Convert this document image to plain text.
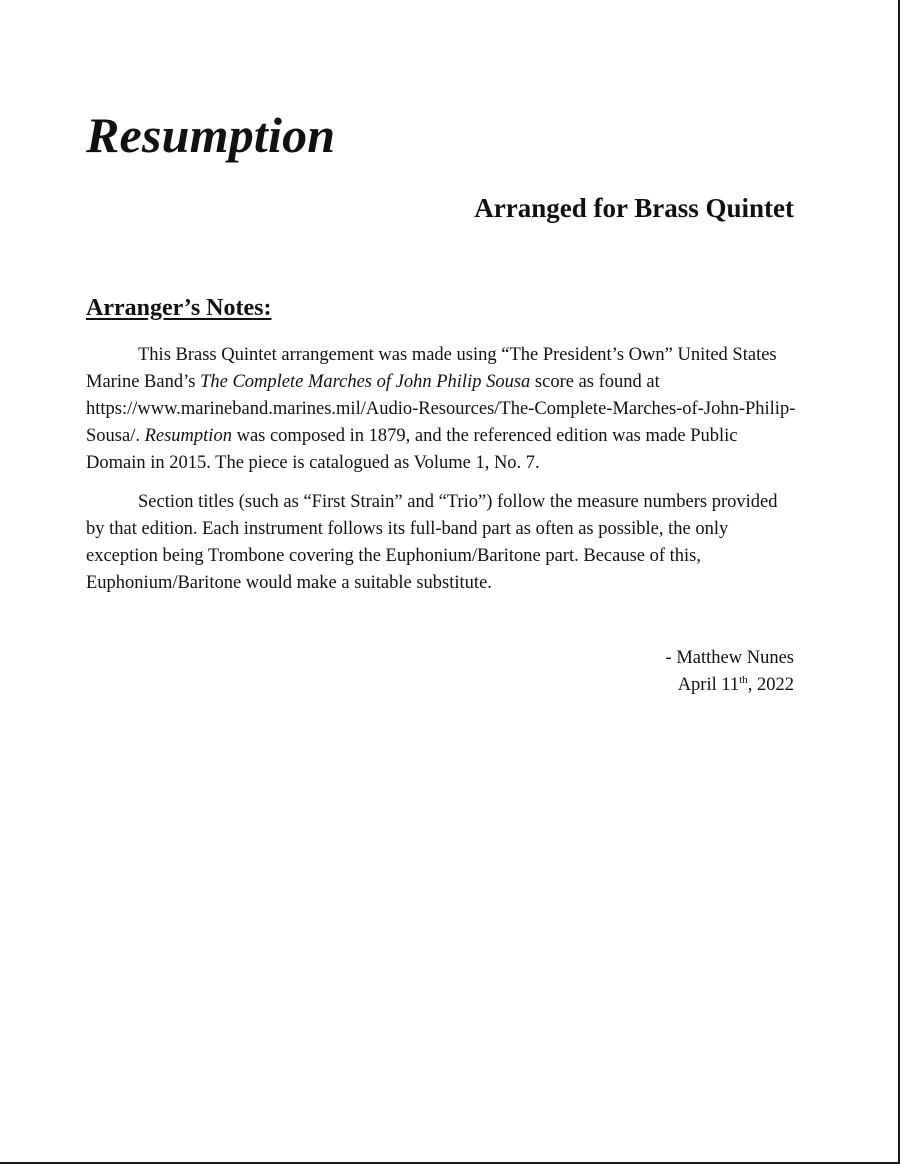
Resumption
Arranged for Brass Quintet
Arranger’s Notes:

This Brass Quintet arrangement was made using “The President’s Own” United States Marine Band’s The Complete Marches of John Philip Sousa score as found at https://www.marineband.marines.mil/Audio-Resources/The-Complete-Marches-of-John-Philip-Sousa/. Resumption was composed in 1879, and the referenced edition was made Public Domain in 2015. The piece is catalogued as Volume 1, No. 7.

Section titles (such as “First Strain” and “Trio”) follow the measure numbers provided by that edition. Each instrument follows its full-band part as often as possible, the only exception being Trombone covering the Euphonium/Baritone part. Because of this, Euphonium/Baritone would make a suitable substitute.

- Matthew Nunes
April 11th, 2022
